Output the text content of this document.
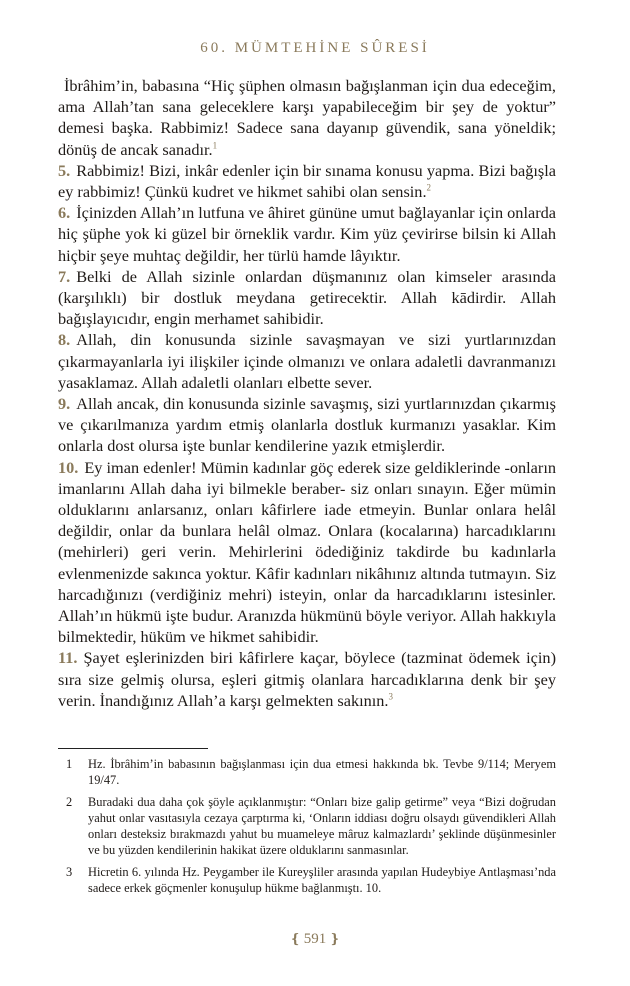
60. MÜMTEHİNE SÛRESİ

İbrâhim’in, babasına “Hiç şüphen olmasın bağışlanman için dua edeceğim, ama Allah’tan sana geleceklere karşı yapabileceğim bir şey de yoktur” demesi başka. Rabbimiz! Sadece sana dayanıp güvendik, sana yöneldik; dönüş de ancak sanadır.$^1$

5. Rabbimiz! Bizi, inkâr edenler için bir sınama konusu yapma. Bizi bağışla ey rabbimiz! Çünkü kudret ve hikmet sahibi olan sensin.$^2$

6. İçinizden Allah’ın lutfuna ve âhiret gününe umut bağlayanlar için onlarda hiç şüphe yok ki güzel bir örneklik vardır. Kim yüz çevirirse bilsin ki Allah hiçbir şeye muhtaç değildir, her türlü hamde lâyıktır.

7. Belki de Allah sizinle onlardan düşmanınız olan kimseler arasında (karşılıklı) bir dostluk meydana getirecektir. Allah kādirdir. Allah bağışlayıcıdır, engin merhamet sahibidir.

8. Allah, din konusunda sizinle savaşmayan ve sizi yurtlarınızdan çıkarmayanlarla iyi ilişkiler içinde olmanızı ve onlara adaletli davranmanızı yasaklamaz. Allah adaletli olanları elbette sever.

9. Allah ancak, din konusunda sizinle savaşmış, sizi yurtlarınızdan çıkarmış ve çıkarılmanıza yardım etmiş olanlarla dostluk kurmanızı yasaklar. Kim onlarla dost olursa işte bunlar kendilerine yazık etmişlerdir.

10. Ey iman edenler! Mümin kadınlar göç ederek size geldiklerinde -onların imanlarını Allah daha iyi bilmekle beraber- siz onları sınayın. Eğer mümin olduklarını anlarsanız, onları kâfirlere iade etmeyin. Bunlar onlara helâl değildir, onlar da bunlara helâl olmaz. Onlara (kocalarına) harcadıklarını (mehirleri) geri verin. Mehirlerini ödediğiniz takdirde bu kadınlarla evlenmenizde sakınca yoktur. Kâfir kadınları nikâhınız altında tutmayın. Siz harcadığınızı (verdiğiniz mehri) isteyin, onlar da harcadıklarını istesinler. Allah’ın hükmü işte budur. Aranızda hükmünü böyle veriyor. Allah hakkıyla bilmektedir, hüküm ve hikmet sahibidir.

11. Şayet eşlerinizden biri kâfirlere kaçar, böylece (tazminat ödemek için) sıra size gelmiş olursa, eşleri gitmiş olanlara harcadıklarına denk bir şey verin. İnandığınız Allah’a karşı gelmekten sakının.$^3$

1	Hz. İbrâhim’in babasının bağışlanması için dua etmesi hakkında bk. Tevbe 9/114; Meryem 19/47.
2	Buradaki dua daha çok şöyle açıklanmıştır: “Onları bize galip getirme” veya “Bizi doğrudan yahut onlar vasıtasıyla cezaya çarptırma ki, ‘Onların iddiası doğru olsaydı güvendikleri Allah onları desteksiz bırakmazdı yahut bu muameleye mâruz kalmazlardı’ şeklinde düşünmesinler ve bu yüzden kendilerinin hakikat üzere olduklarını sanmasınlar.
3	Hicretin 6. yılında Hz. Peygamber ile Kureyşliler arasında yapılan Hudeybiye Antlaşması’nda sadece erkek göçmenler konuşulup hükme bağlanmıştı. 10.
❴ 591 ❵
